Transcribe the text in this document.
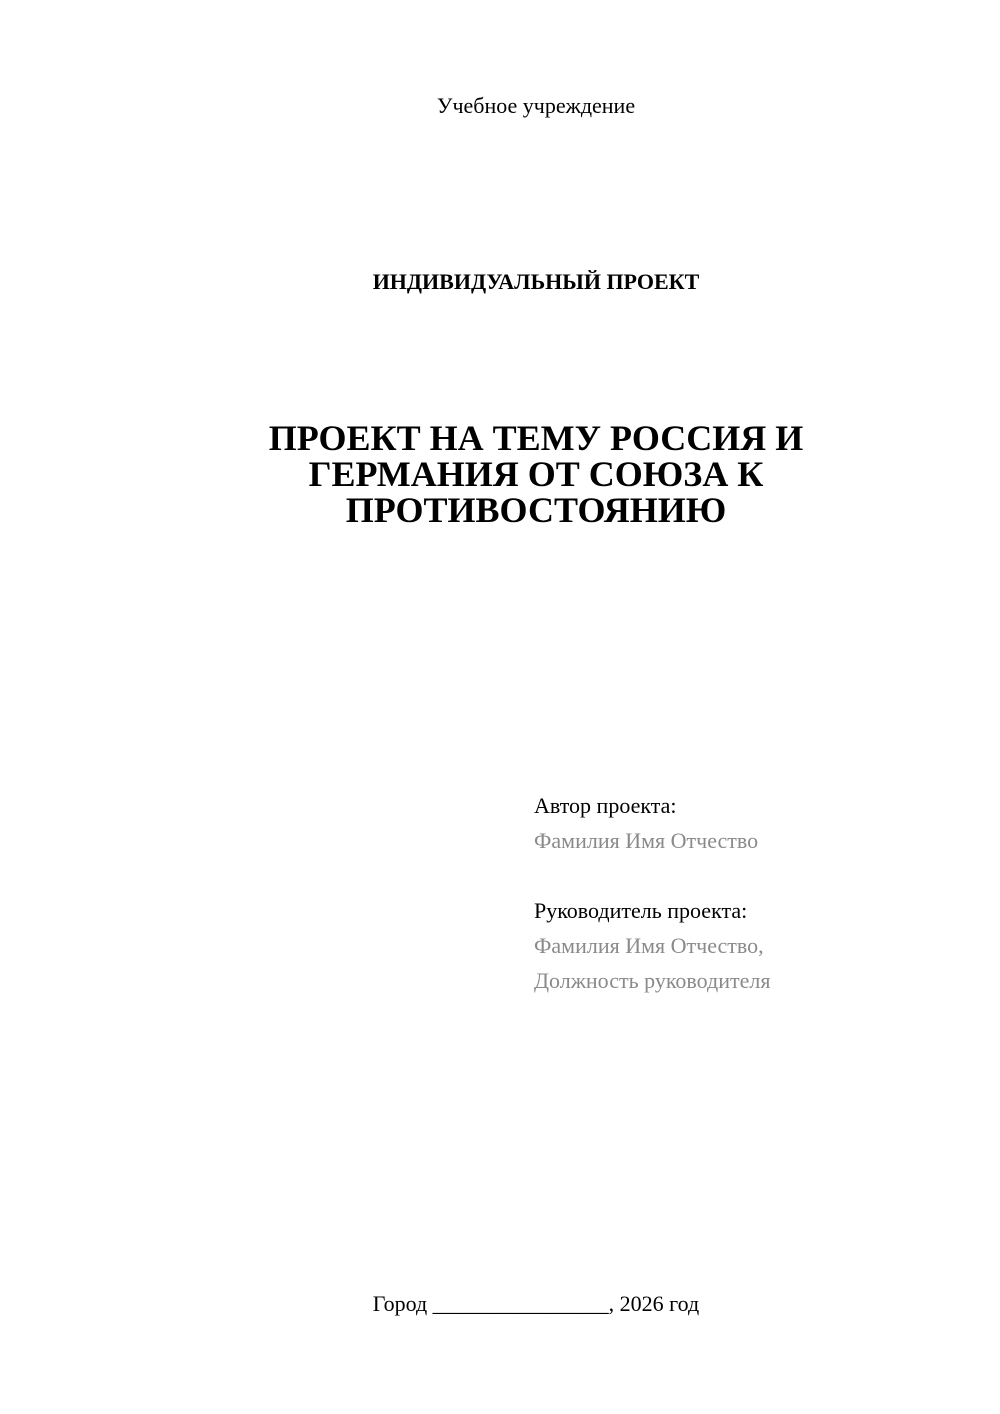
Учебное учреждение
ИНДИВИДУАЛЬНЫЙ ПРОЕКТ
ПРОЕКТ НА ТЕМУ РОССИЯ И
ГЕРМАНИЯ ОТ СОЮЗА К
ПРОТИВОСТОЯНИЮ
Автор проекта:
Фамилия Имя Отчество
Руководитель проекта:
Фамилия Имя Отчество,
Должность руководителя
Город ________________, 2026 год
